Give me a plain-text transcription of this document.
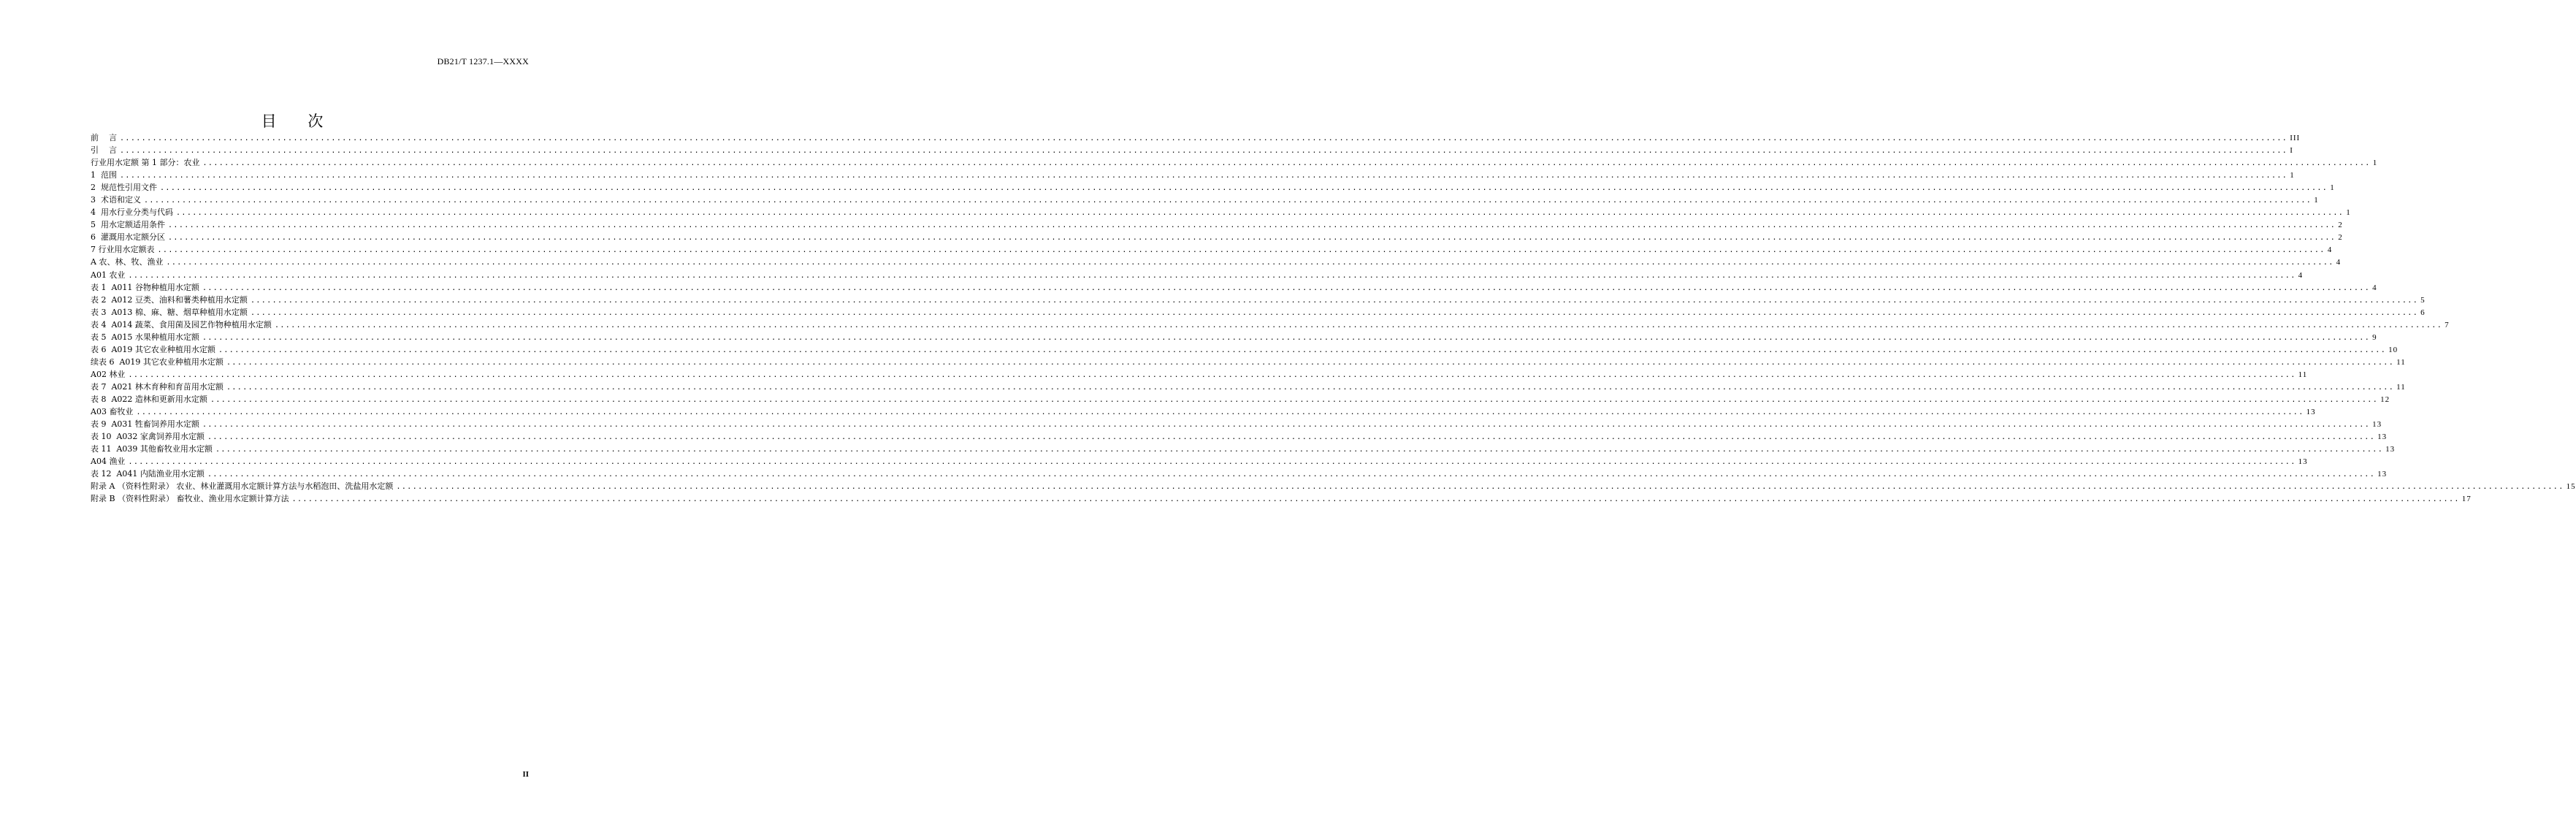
DB21/T 1237.1—XXXX
目 次
前    言 ................................................................................................................................................................................................................................................................................................................................................................................................................ III
引    言 ................................................................................................................................................................................................................................................................................................................................................................................................................ I
行业用水定额 第 1 部分：农业 ................................................................................................................................................................................................................................................................................................................................................................................................................ 1
1  范围 ................................................................................................................................................................................................................................................................................................................................................................................................................ 1
2  规范性引用文件 ................................................................................................................................................................................................................................................................................................................................................................................................................ 1
3  术语和定义 ................................................................................................................................................................................................................................................................................................................................................................................................................ 1
4  用水行业分类与代码 ................................................................................................................................................................................................................................................................................................................................................................................................................ 1
5  用水定额适用条件 ................................................................................................................................................................................................................................................................................................................................................................................................................ 2
6  灌溉用水定额分区 ................................................................................................................................................................................................................................................................................................................................................................................................................ 2
7 行业用水定额表 ................................................................................................................................................................................................................................................................................................................................................................................................................ 4
A 农、林、牧、渔业 ................................................................................................................................................................................................................................................................................................................................................................................................................ 4
A01 农业 ................................................................................................................................................................................................................................................................................................................................................................................................................ 4
表 1  A011 谷物种植用水定额 ................................................................................................................................................................................................................................................................................................................................................................................................................ 4
表 2  A012 豆类、油料和薯类种植用水定额 ................................................................................................................................................................................................................................................................................................................................................................................................................ 5
表 3  A013 棉、麻、糖、烟草种植用水定额 ................................................................................................................................................................................................................................................................................................................................................................................................................ 6
表 4  A014 蔬菜、食用菌及园艺作物种植用水定额 ................................................................................................................................................................................................................................................................................................................................................................................................................ 7
表 5  A015 水果种植用水定额 ................................................................................................................................................................................................................................................................................................................................................................................................................ 9
表 6  A019 其它农业种植用水定额 ................................................................................................................................................................................................................................................................................................................................................................................................................ 10
续表 6  A019 其它农业种植用水定额 ................................................................................................................................................................................................................................................................................................................................................................................................................ 11
A02 林业 ................................................................................................................................................................................................................................................................................................................................................................................................................ 11
表 7  A021 林木育种和育苗用水定额 ................................................................................................................................................................................................................................................................................................................................................................................................................ 11
表 8  A022 造林和更新用水定额 ................................................................................................................................................................................................................................................................................................................................................................................................................ 12
A03 畜牧业 ................................................................................................................................................................................................................................................................................................................................................................................................................ 13
表 9  A031 牲畜饲养用水定额 ................................................................................................................................................................................................................................................................................................................................................................................................................ 13
表 10  A032 家禽饲养用水定额 ................................................................................................................................................................................................................................................................................................................................................................................................................ 13
表 11  A039 其他畜牧业用水定额 ................................................................................................................................................................................................................................................................................................................................................................................................................ 13
A04 渔业 ................................................................................................................................................................................................................................................................................................................................................................................................................ 13
表 12  A041 内陆渔业用水定额 ................................................................................................................................................................................................................................................................................................................................................................................................................ 13
附录 A （资料性附录） 农业、林业灌溉用水定额计算方法与水稻泡田、洗盐用水定额 ................................................................................................................................................................................................................................................................................................................................................................................................................ 15
附录 B （资料性附录） 畜牧业、渔业用水定额计算方法 ................................................................................................................................................................................................................................................................................................................................................................................................................ 17
II
